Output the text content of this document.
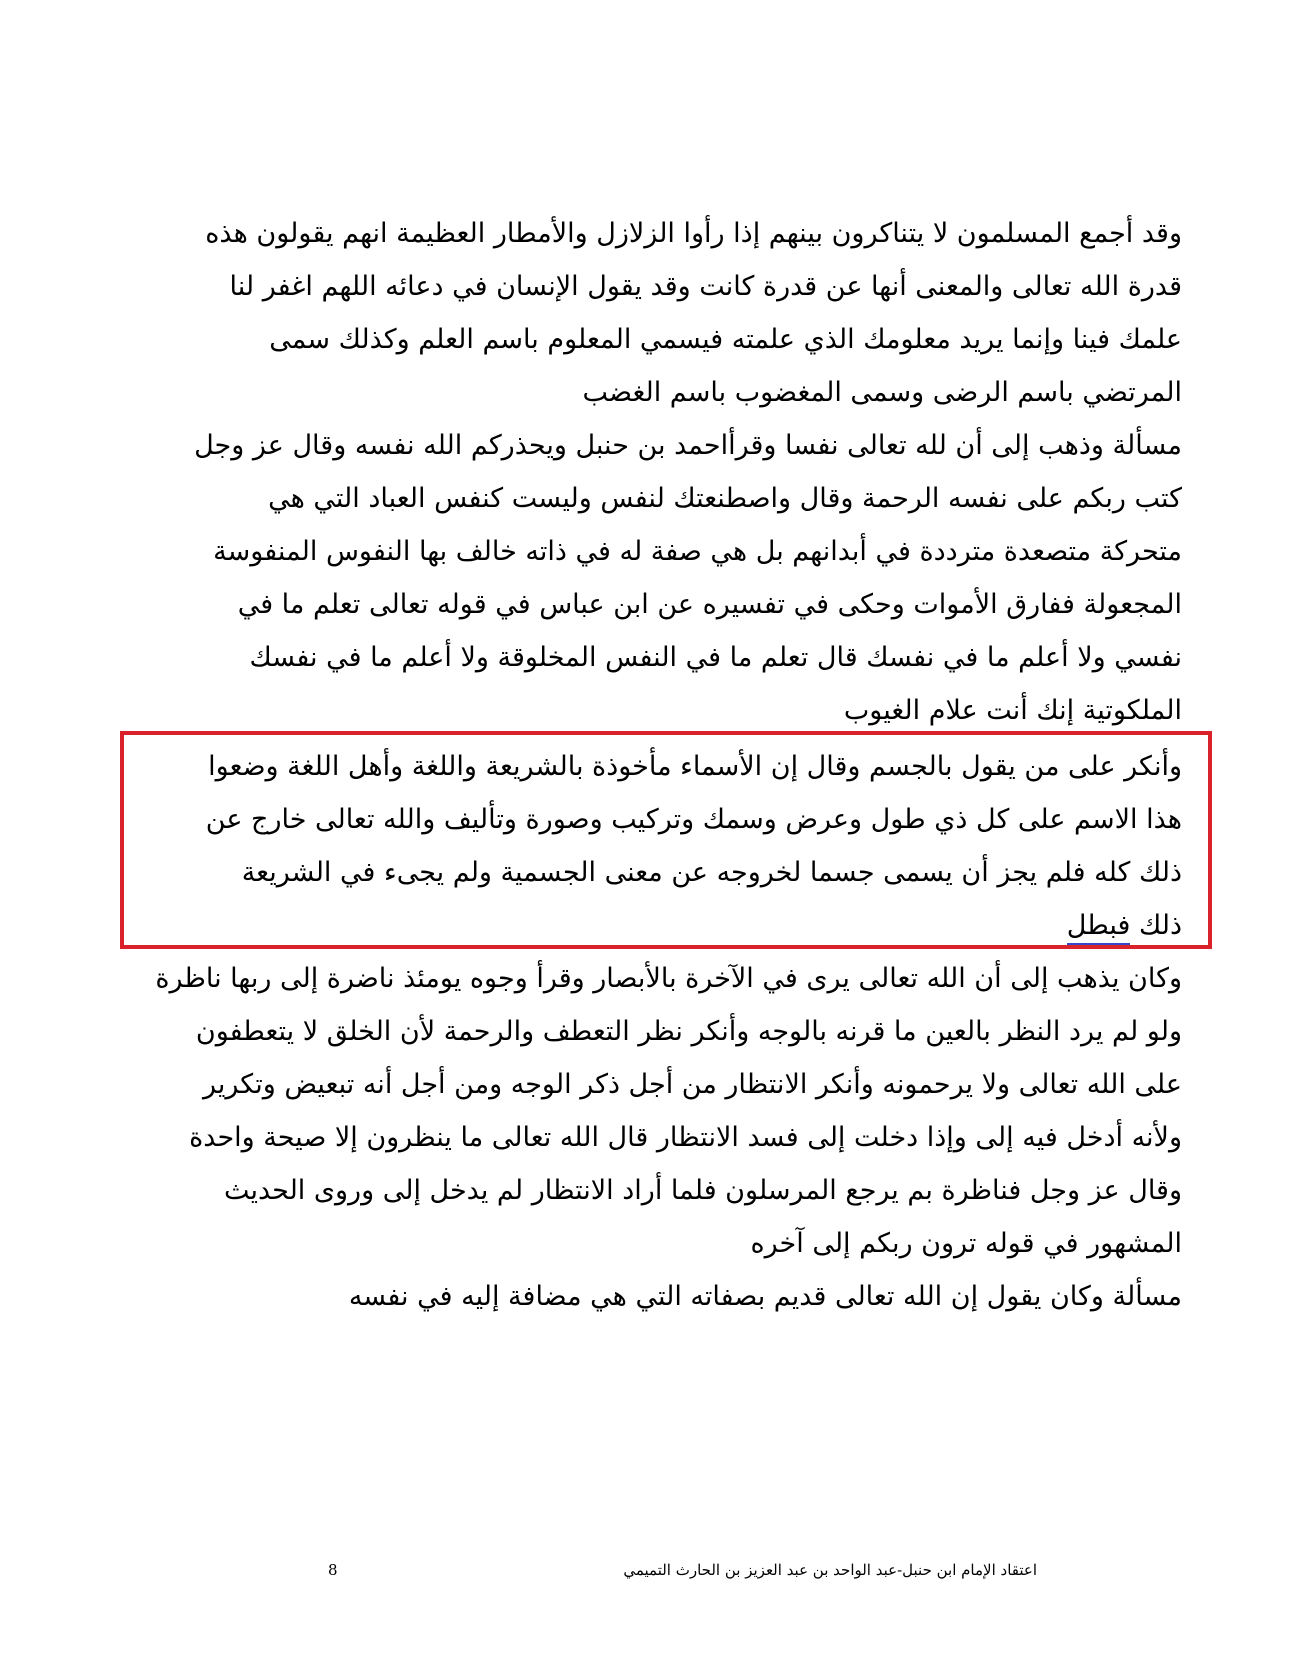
وقد أجمع المسلمون لا يتناكرون بينهم إذا رأوا الزلازل والأمطار العظيمة انهم يقولون هذه
قدرة الله تعالى والمعنى أنها عن قدرة كانت وقد يقول الإنسان في دعائه اللهم اغفر لنا
علمك فينا وإنما يريد معلومك الذي علمته فيسمي المعلوم باسم العلم وكذلك سمى
المرتضي باسم الرضى وسمى المغضوب باسم الغضب
مسألة وذهب إلى أن لله تعالى نفسا وقرأاحمد بن حنبل ويحذركم الله نفسه وقال عز وجل
كتب ربكم على نفسه الرحمة وقال واصطنعتك لنفس وليست كنفس العباد التي هي
متحركة متصعدة مترددة في أبدانهم بل هي صفة له في ذاته خالف بها النفوس المنفوسة
المجعولة ففارق الأموات وحكى في تفسيره عن ابن عباس في قوله تعالى تعلم ما في
نفسي ولا أعلم ما في نفسك قال تعلم ما في النفس المخلوقة ولا أعلم ما في نفسك
الملكوتية إنك أنت علام الغيوب
وأنكر على من يقول بالجسم وقال إن الأسماء مأخوذة بالشريعة واللغة وأهل اللغة وضعوا
هذا الاسم على كل ذي طول وعرض وسمك وتركيب وصورة وتأليف والله تعالى خارج عن
ذلك كله فلم يجز أن يسمى جسما لخروجه عن معنى الجسمية ولم يجىء في الشريعة
ذلك فبطل
وكان يذهب إلى أن الله تعالى يرى في الآخرة بالأبصار وقرأ وجوه يومئذ ناضرة إلى ربها ناظرة
ولو لم يرد النظر بالعين ما قرنه بالوجه وأنكر نظر التعطف والرحمة لأن الخلق لا يتعطفون
على الله تعالى ولا يرحمونه وأنكر الانتظار من أجل ذكر الوجه ومن أجل أنه تبعيض وتكرير
ولأنه أدخل فيه إلى وإذا دخلت إلى فسد الانتظار قال الله تعالى ما ينظرون إلا صيحة واحدة
وقال عز وجل فناظرة بم يرجع المرسلون فلما أراد الانتظار لم يدخل إلى وروى الحديث
المشهور في قوله ترون ربكم إلى آخره
مسألة وكان يقول إن الله تعالى قديم بصفاته التي هي مضافة إليه في نفسه
اعتقاد الإمام ابن حنبل-عبد الواحد بن عبد العزيز بن الحارث التميمي
8
